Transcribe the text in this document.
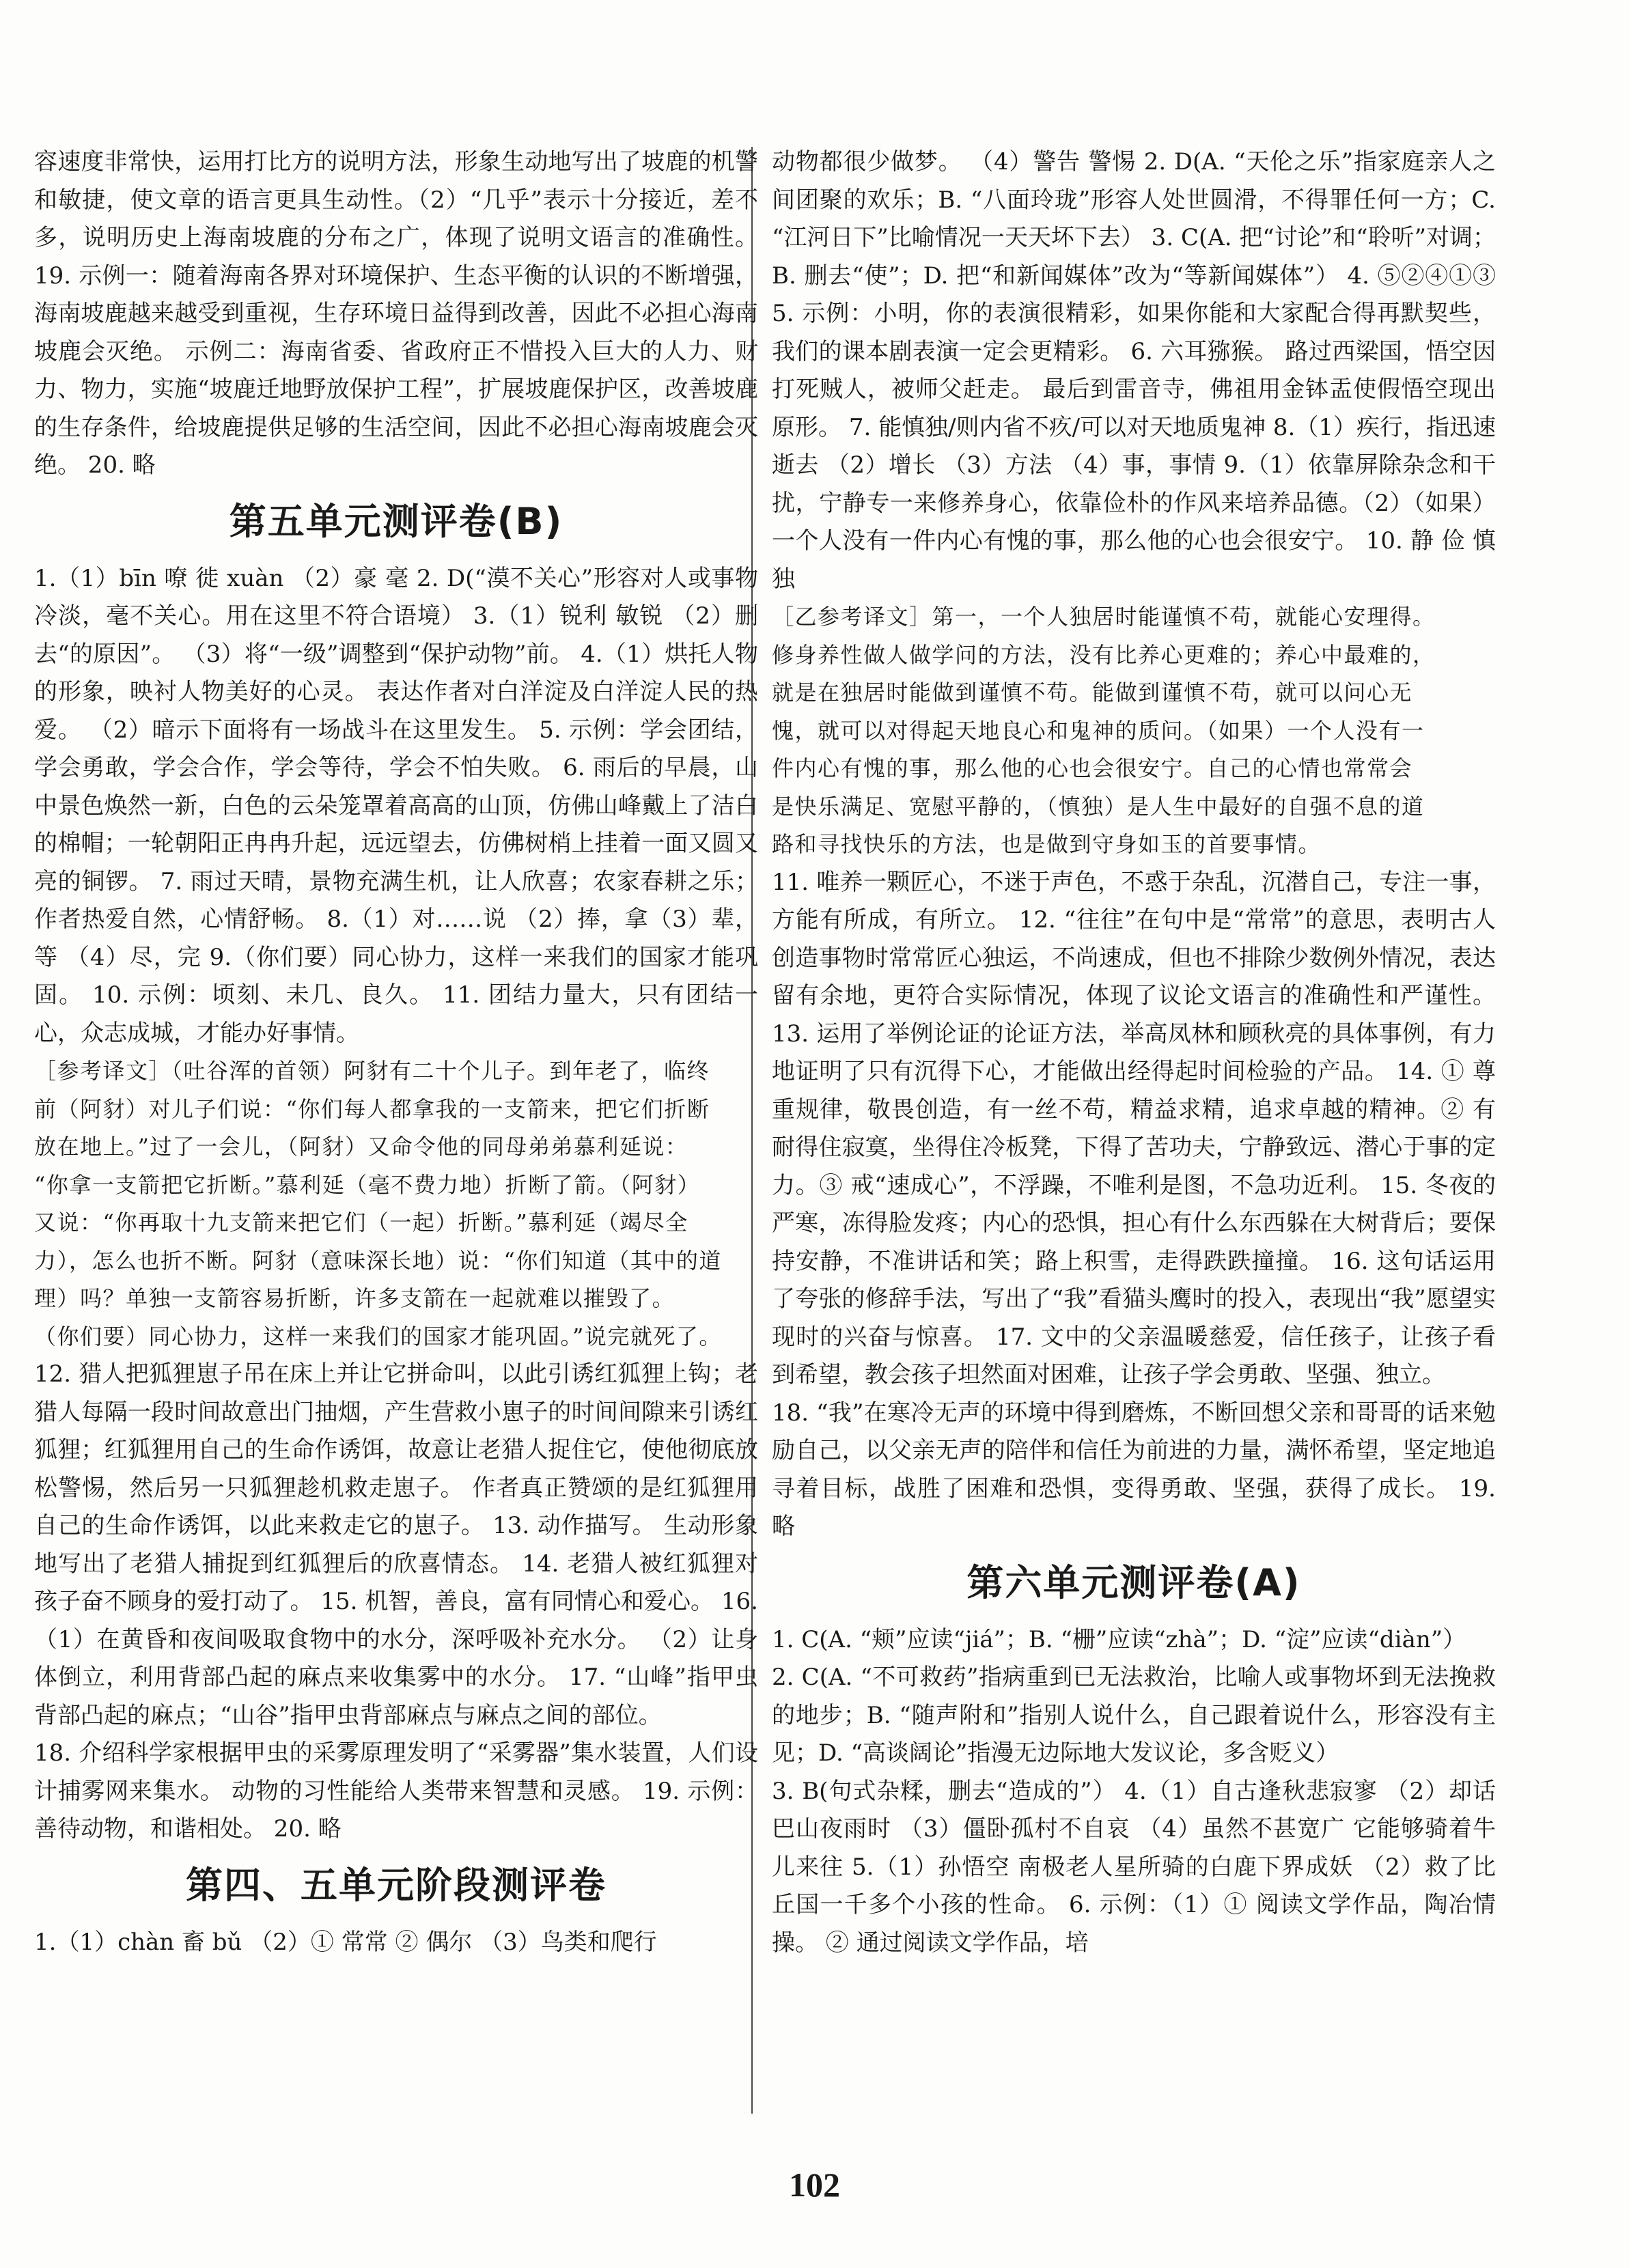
容速度非常快，运用打比方的说明方法，形象生动地写出了坡鹿的机警和敏捷，使文章的语言更具生动性。（2）“几乎”表示十分接近，差不多，说明历史上海南坡鹿的分布之广，体现了说明文语言的准确性。 19. 示例一：随着海南各界对环境保护、生态平衡的认识的不断增强，海南坡鹿越来越受到重视，生存环境日益得到改善，因此不必担心海南坡鹿会灭绝。 示例二：海南省委、省政府正不惜投入巨大的人力、财力、物力，实施“坡鹿迁地野放保护工程”，扩展坡鹿保护区，改善坡鹿的生存条件，给坡鹿提供足够的生活空间，因此不必担心海南坡鹿会灭绝。 20. 略

第五单元测评卷(B)

1.（1）bīn 嘹 徙 xuàn （2）豪 毫 2. D(“漠不关心”形容对人或事物冷淡，毫不关心。用在这里不符合语境） 3.（1）锐利 敏锐 （2）删去“的原因”。 （3）将“一级”调整到“保护动物”前。 4.（1）烘托人物的形象，映衬人物美好的心灵。 表达作者对白洋淀及白洋淀人民的热爱。 （2）暗示下面将有一场战斗在这里发生。 5. 示例：学会团结，学会勇敢，学会合作，学会等待，学会不怕失败。 6. 雨后的早晨，山中景色焕然一新，白色的云朵笼罩着高高的山顶，仿佛山峰戴上了洁白的棉帽；一轮朝阳正冉冉升起，远远望去，仿佛树梢上挂着一面又圆又亮的铜锣。 7. 雨过天晴，景物充满生机，让人欣喜；农家春耕之乐；作者热爱自然，心情舒畅。 8.（1）对……说 （2）捧，拿（3）辈，等 （4）尽，完 9.（你们要）同心协力，这样一来我们的国家才能巩固。 10. 示例：顷刻、未几、良久。 11. 团结力量大，只有团结一心，众志成城，才能办好事情。

［参考译文］（吐谷浑的首领）阿豺有二十个儿子。到年老了，临终
前（阿豺）对儿子们说：“你们每人都拿我的一支箭来，把它们折断
放在地上。”过了一会儿，（阿豺）又命令他的同母弟弟慕利延说：
“你拿一支箭把它折断。”慕利延（毫不费力地）折断了箭。（阿豺）
又说：“你再取十九支箭来把它们（一起）折断。”慕利延（竭尽全
力），怎么也折不断。阿豺（意味深长地）说：“你们知道（其中的道
理）吗？单独一支箭容易折断，许多支箭在一起就难以摧毁了。
（你们要）同心协力，这样一来我们的国家才能巩固。”说完就死了。

12. 猎人把狐狸崽子吊在床上并让它拼命叫，以此引诱红狐狸上钩；老猎人每隔一段时间故意出门抽烟，产生营救小崽子的时间间隙来引诱红狐狸；红狐狸用自己的生命作诱饵，故意让老猎人捉住它，使他彻底放松警惕，然后另一只狐狸趁机救走崽子。 作者真正赞颂的是红狐狸用自己的生命作诱饵，以此来救走它的崽子。 13. 动作描写。 生动形象地写出了老猎人捕捉到红狐狸后的欣喜情态。 14. 老猎人被红狐狸对孩子奋不顾身的爱打动了。 15. 机智，善良，富有同情心和爱心。 16.（1）在黄昏和夜间吸取食物中的水分，深呼吸补充水分。 （2）让身体倒立，利用背部凸起的麻点来收集雾中的水分。 17. “山峰”指甲虫背部凸起的麻点；“山谷”指甲虫背部麻点与麻点之间的部位。

18. 介绍科学家根据甲虫的采雾原理发明了“采雾器”集水装置，人们设计捕雾网来集水。 动物的习性能给人类带来智慧和灵感。 19. 示例：善待动物，和谐相处。 20. 略

第四、五单元阶段测评卷

1.（1）chàn 畜 bǔ （2）① 常常 ② 偶尔 （3）鸟类和爬行

动物都很少做梦。 （4）警告 警惕 2. D(A. “天伦之乐”指家庭亲人之间团聚的欢乐；B. “八面玲珑”形容人处世圆滑，不得罪任何一方；C. “江河日下”比喻情况一天天坏下去） 3. C(A. 把“讨论”和“聆听”对调；B. 删去“使”；D. 把“和新闻媒体”改为“等新闻媒体”） 4. ⑤②④①③ 5. 示例：小明，你的表演很精彩，如果你能和大家配合得再默契些，我们的课本剧表演一定会更精彩。 6. 六耳猕猴。 路过西梁国，悟空因打死贼人，被师父赶走。 最后到雷音寺，佛祖用金钵盂使假悟空现出原形。 7. 能慎独/则内省不疚/可以对天地质鬼神 8.（1）疾行，指迅速逝去 （2）增长 （3）方法 （4）事，事情 9.（1）依靠屏除杂念和干扰，宁静专一来修养身心，依靠俭朴的作风来培养品德。（2）（如果）一个人没有一件内心有愧的事，那么他的心也会很安宁。 10. 静 俭 慎独

［乙参考译文］第一，一个人独居时能谨慎不苟，就能心安理得。
修身养性做人做学问的方法，没有比养心更难的；养心中最难的，
就是在独居时能做到谨慎不苟。能做到谨慎不苟，就可以问心无
愧，就可以对得起天地良心和鬼神的质问。（如果）一个人没有一
件内心有愧的事，那么他的心也会很安宁。自己的心情也常常会
是快乐满足、宽慰平静的，（慎独）是人生中最好的自强不息的道
路和寻找快乐的方法，也是做到守身如玉的首要事情。

11. 唯养一颗匠心，不迷于声色，不惑于杂乱，沉潜自己，专注一事，方能有所成，有所立。 12. “往往”在句中是“常常”的意思，表明古人创造事物时常常匠心独运，不尚速成，但也不排除少数例外情况，表达留有余地，更符合实际情况，体现了议论文语言的准确性和严谨性。 13. 运用了举例论证的论证方法，举高凤林和顾秋亮的具体事例，有力地证明了只有沉得下心，才能做出经得起时间检验的产品。 14. ① 尊重规律，敬畏创造，有一丝不苟，精益求精，追求卓越的精神。② 有耐得住寂寞，坐得住冷板凳，下得了苦功夫，宁静致远、潜心于事的定力。③ 戒“速成心”，不浮躁，不唯利是图，不急功近利。 15. 冬夜的严寒，冻得脸发疼；内心的恐惧，担心有什么东西躲在大树背后；要保持安静，不准讲话和笑；路上积雪，走得跌跌撞撞。 16. 这句话运用了夸张的修辞手法，写出了“我”看猫头鹰时的投入，表现出“我”愿望实现时的兴奋与惊喜。 17. 文中的父亲温暖慈爱，信任孩子，让孩子看到希望，教会孩子坦然面对困难，让孩子学会勇敢、坚强、独立。

18. “我”在寒冷无声的环境中得到磨炼，不断回想父亲和哥哥的话来勉励自己，以父亲无声的陪伴和信任为前进的力量，满怀希望，坚定地追寻着目标，战胜了困难和恐惧，变得勇敢、坚强，获得了成长。 19. 略

第六单元测评卷(A)

1. C(A. “颊”应读“jiá”；B. “栅”应读“zhà”；D. “淀”应读“diàn”）

2. C(A. “不可救药”指病重到已无法救治，比喻人或事物坏到无法挽救的地步；B. “随声附和”指别人说什么，自己跟着说什么，形容没有主见；D. “高谈阔论”指漫无边际地大发议论，多含贬义）

3. B(句式杂糅，删去“造成的”） 4.（1）自古逢秋悲寂寥 （2）却话巴山夜雨时 （3）僵卧孤村不自哀 （4）虽然不甚宽广 它能够骑着牛儿来往 5.（1）孙悟空 南极老人星所骑的白鹿下界成妖 （2）救了比丘国一千多个小孩的性命。 6. 示例：（1）① 阅读文学作品，陶冶情操。 ② 通过阅读文学作品，培

102
